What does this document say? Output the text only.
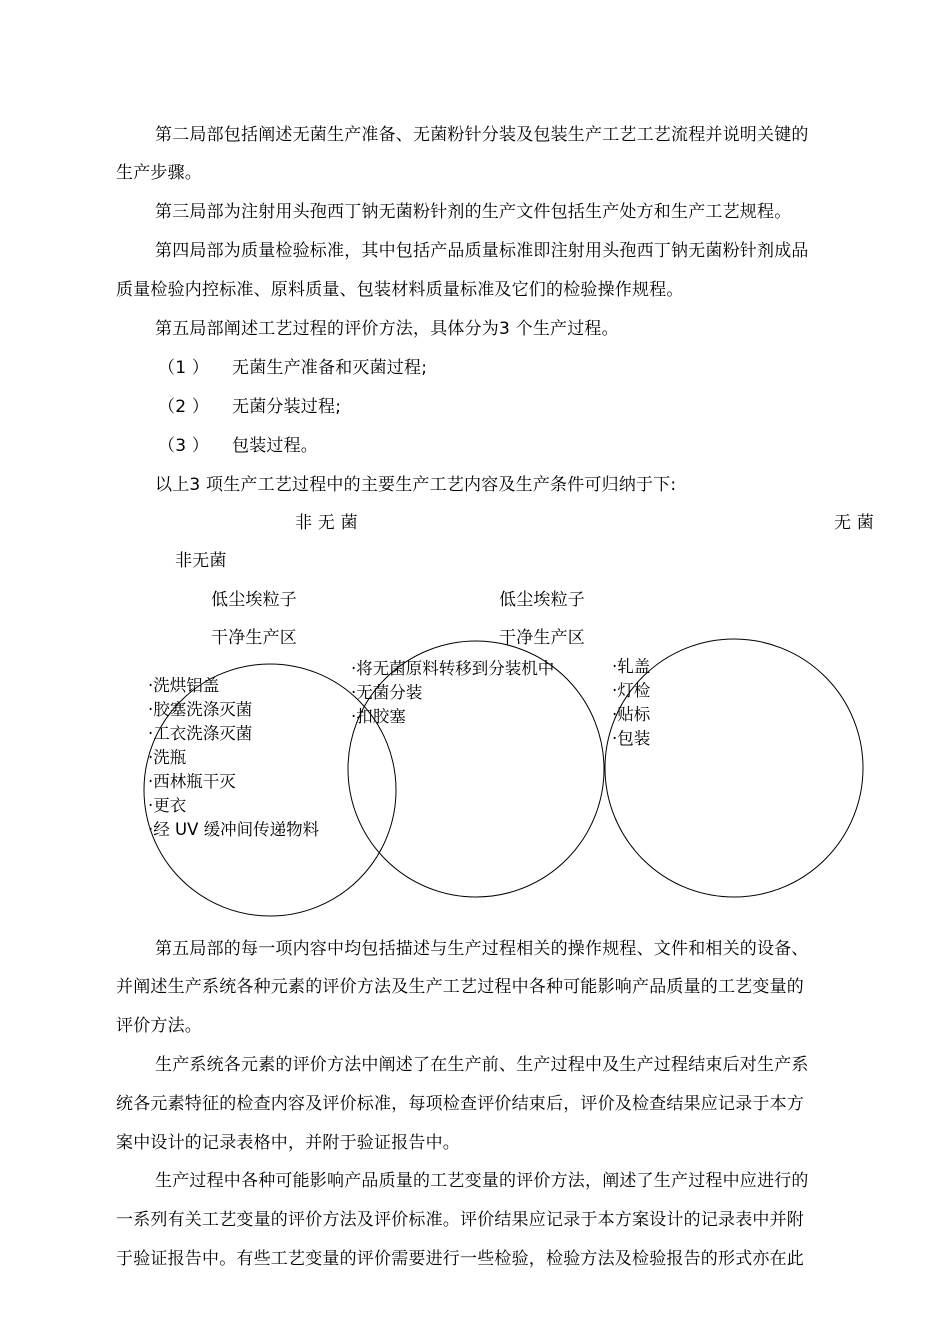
第二局部包括阐述无菌生产准备、无菌粉针分装及包装生产工艺工艺流程并说明关键的
生产步骤。
第三局部为注射用头孢西丁钠无菌粉针剂的生产文件包括生产处方和生产工艺规程。
第四局部为质量检验标准，其中包括产品质量标准即注射用头孢西丁钠无菌粉针剂成品
质量检验内控标准、原料质量、包装材料质量标准及它们的检验操作规程。
第五局部阐述工艺过程的评价方法，具体分为3 个生产过程。
（1 ） 无菌生产准备和灭菌过程;
（2 ） 无菌分装过程;
（3 ） 包装过程。
以上3 项生产工艺过程中的主要生产工艺内容及生产条件可归纳于下:
非 无 菌	无 菌
非无菌
低尘埃粒子	低尘埃粒子
干净生产区	干净生产区
·洗烘铝盖
·胶塞洗涤灭菌
·工衣洗涤灭菌
·洗瓶
·西林瓶干灭
·更衣
·经 UV 缓冲间传递物料
·将无菌原料转移到分装机中
·无菌分装
·扣胶塞
·轧盖
·灯检
·贴标
·包装
第五局部的每一项内容中均包括描述与生产过程相关的操作规程、文件和相关的设备、
并阐述生产系统各种元素的评价方法及生产工艺过程中各种可能影响产品质量的工艺变量的
评价方法。
生产系统各元素的评价方法中阐述了在生产前、生产过程中及生产过程结束后对生产系
统各元素特征的检查内容及评价标准，每项检查评价结束后，评价及检查结果应记录于本方
案中设计的记录表格中，并附于验证报告中。
生产过程中各种可能影响产品质量的工艺变量的评价方法，阐述了生产过程中应进行的
一系列有关工艺变量的评价方法及评价标准。评价结果应记录于本方案设计的记录表中并附
于验证报告中。有些工艺变量的评价需要进行一些检验，检验方法及检验报告的形式亦在此
